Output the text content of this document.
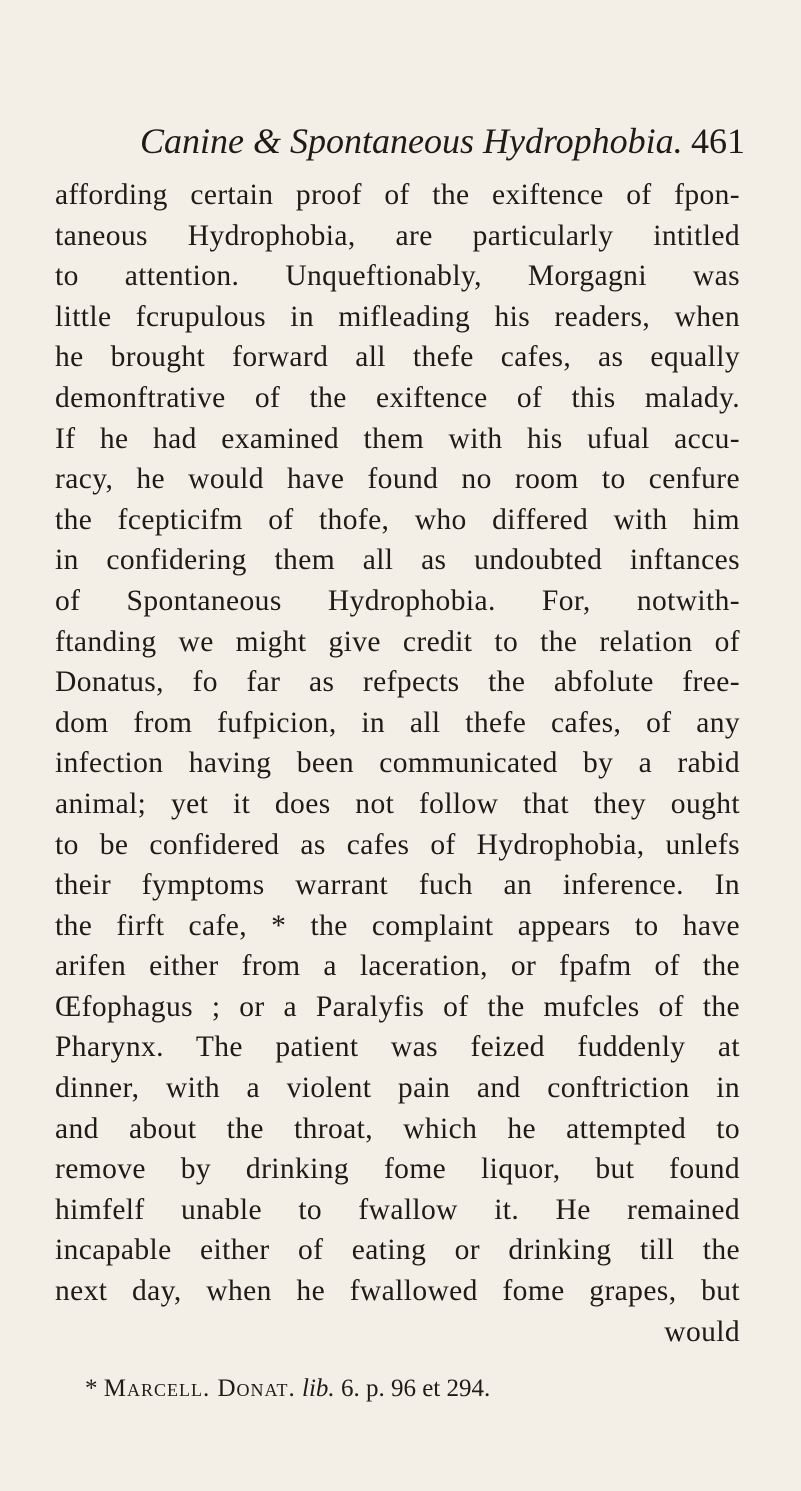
Canine & Spontaneous Hydrophobia. 461
affording certain proof of the exiftence of fpon-
taneous Hydrophobia, are particularly intitled
to attention. Unqueftionably, Morgagni was
little fcrupulous in mifleading his readers, when
he brought forward all thefe cafes, as equally
demonftrative of the exiftence of this malady.
If he had examined them with his ufual accu-
racy, he would have found no room to cenfure
the fcepticifm of thofe, who differed with him
in confidering them all as undoubted inftances
of Spontaneous Hydrophobia. For, notwith-
ftanding we might give credit to the relation of
Donatus, fo far as refpects the abfolute free-
dom from fufpicion, in all thefe cafes, of any
infection having been communicated by a rabid
animal; yet it does not follow that they ought
to be confidered as cafes of Hydrophobia, unlefs
their fymptoms warrant fuch an inference. In
the firft cafe, * the complaint appears to have
arifen either from a laceration, or fpafm of the
Œfophagus ; or a Paralyfis of the mufcles of the
Pharynx. The patient was feized fuddenly at
dinner, with a violent pain and conftriction in
and about the throat, which he attempted to
remove by drinking fome liquor, but found
himfelf unable to fwallow it. He remained
incapable either of eating or drinking till the
next day, when he fwallowed fome grapes, but
would
* Marcell. Donat. lib. 6. p. 96 et 294.
